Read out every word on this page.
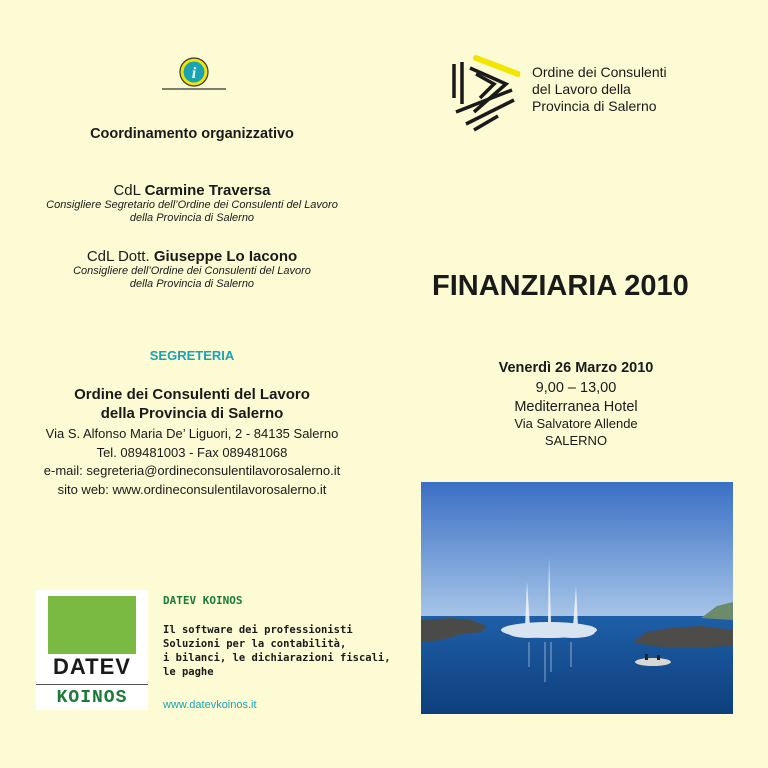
i
Coordinamento organizzativo
CdL Carmine Traversa
Consigliere Segretario dell’Ordine dei Consulenti del Lavoro
della Provincia di Salerno
CdL Dott. Giuseppe Lo Iacono
Consigliere dell’Ordine dei Consulenti del Lavoro
della Provincia di Salerno
SEGRETERIA
Ordine dei Consulenti del Lavoro
della Provincia di Salerno
Via S. Alfonso Maria De’ Liguori, 2 - 84135 Salerno
Tel. 089481003 - Fax 089481068
e-mail: segreteria@ordineconsulentilavorosalerno.it
sito web: www.ordineconsulentilavorosalerno.it
DATEV
KOINOS
DATEV KOINOS
Il software dei professionisti
Soluzioni per la contabilità,
i bilanci, le dichiarazioni fiscali,
le paghe
www.datevkoinos.it
Ordine dei Consulenti
del Lavoro della
Provincia di Salerno
FINANZIARIA 2010
Venerdì 26 Marzo 2010
9,00 – 13,00
Mediterranea Hotel
Via Salvatore Allende
SALERNO
